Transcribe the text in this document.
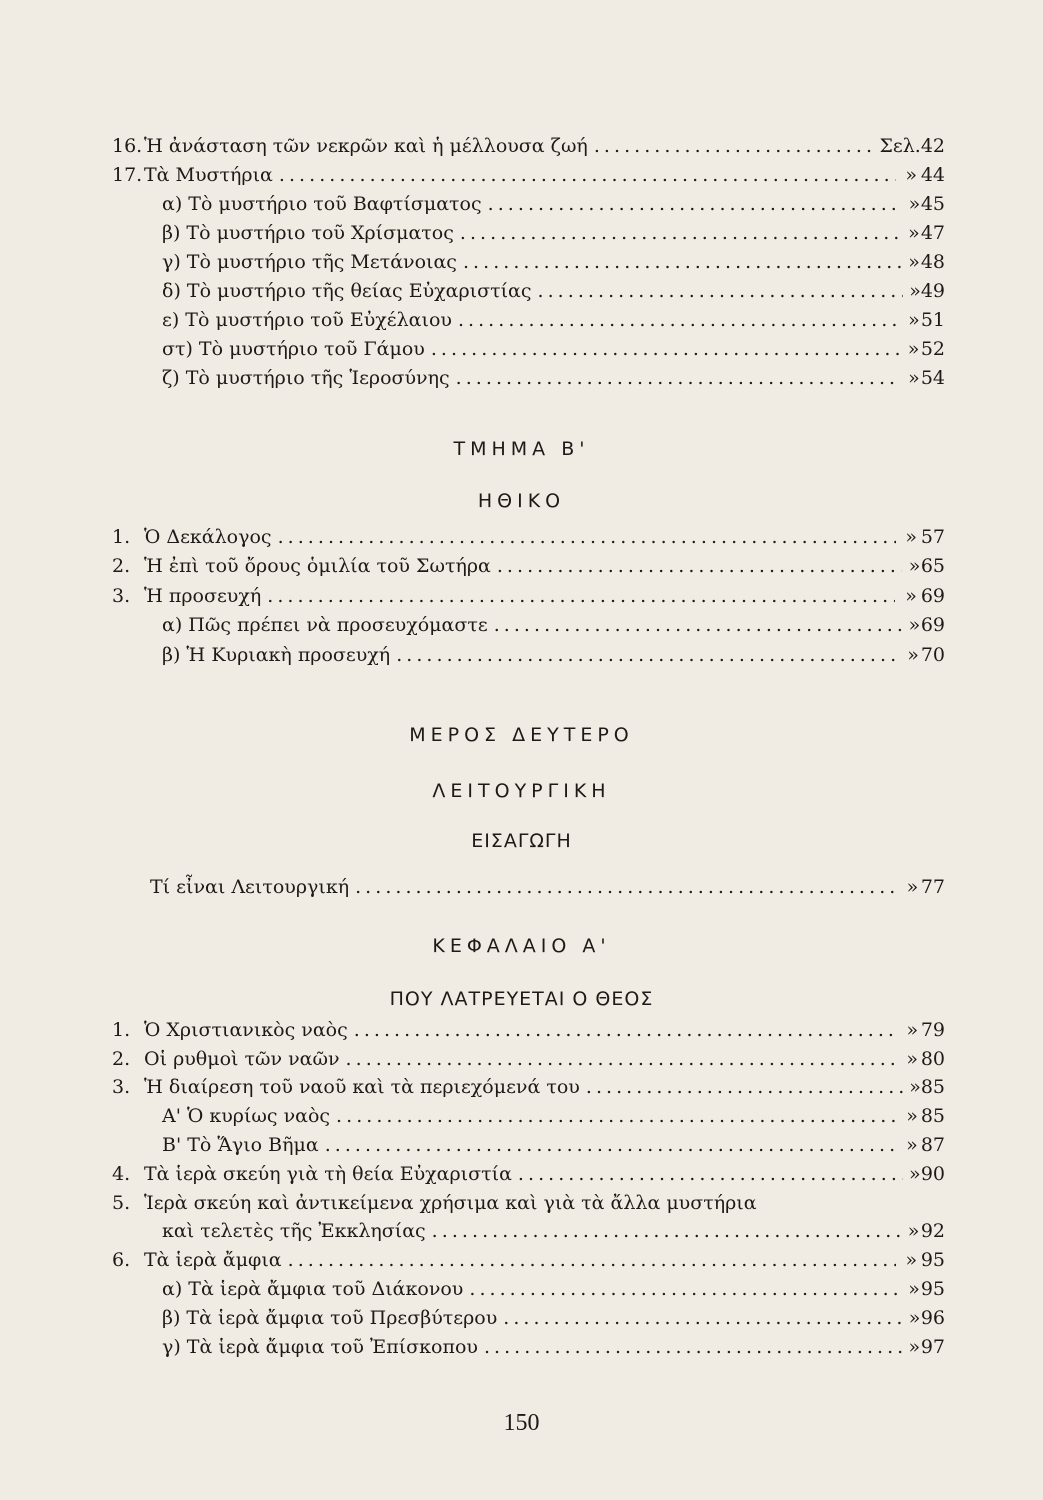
16. Ἡ ἀνάσταση τῶν νεκρῶν καὶ ἡ μέλλουσα ζωή . . .	Σελ. 42
17. Τὰ Μυστήρια . . .	» 44
α) Τὸ μυστήριο τοῦ Βαφτίσματος . . .	» 45
β) Τὸ μυστήριο τοῦ Χρίσματος . . .	» 47
γ) Τὸ μυστήριο τῆς Μετάνοιας . . .	» 48
δ) Τὸ μυστήριο τῆς θείας Εὐχαριστίας . . .	» 49
ε) Τὸ μυστήριο τοῦ Εὐχέλαιου . . .	» 51
στ) Τὸ μυστήριο τοῦ Γάμου . . .	» 52
ζ) Τὸ μυστήριο τῆς Ἱεροσύνης . . .	» 54
ΤΜΗΜΑ Β'
ΗΘΙΚΟ
1. Ὁ Δεκάλογος . . .	» 57
2. Ἡ ἐπὶ τοῦ ὄρους ὁμιλία τοῦ Σωτήρα . . .	» 65
3. Ἡ προσευχή . . .	» 69
α) Πῶς πρέπει νὰ προσευχόμαστε . . .	» 69
β) Ἡ Κυριακὴ προσευχή . . .	» 70
ΜΕΡΟΣ ΔΕΥΤΕΡΟ
ΛΕΙΤΟΥΡΓΙΚΗ
ΕΙΣΑΓΩΓΗ
Τί εἶναι Λειτουργική . . .	» 77
ΚΕΦΑΛΑΙΟ Α'
ΠΟΥ ΛΑΤΡΕΥΕΤΑΙ Ο ΘΕΟΣ
1. Ὁ Χριστιανικὸς ναὸς . . .	» 79
2. Οἱ ρυθμοὶ τῶν ναῶν . . .	» 80
3. Ἡ διαίρεση τοῦ ναοῦ καὶ τὰ περιεχόμενά του . . .	» 85
Α' Ὁ κυρίως ναὸς . . .	» 85
Β' Τὸ Ἅγιο Βῆμα . . .	» 87
4. Τὰ ἱερὰ σκεύη γιὰ τὴ θεία Εὐχαριστία . . .	» 90
5. Ἱερὰ σκεύη καὶ ἀντικείμενα χρήσιμα καὶ γιὰ τὰ ἄλλα μυστήρια
καὶ τελετὲς τῆς Ἐκκλησίας . . .	» 92
6. Τὰ ἱερὰ ἄμφια . . .	» 95
α) Τὰ ἱερὰ ἄμφια τοῦ Διάκονου . . .	» 95
β) Τὰ ἱερὰ ἄμφια τοῦ Πρεσβύτερου . . .	» 96
γ) Τὰ ἱερὰ ἄμφια τοῦ Ἐπίσκοπου . . .	» 97
150
